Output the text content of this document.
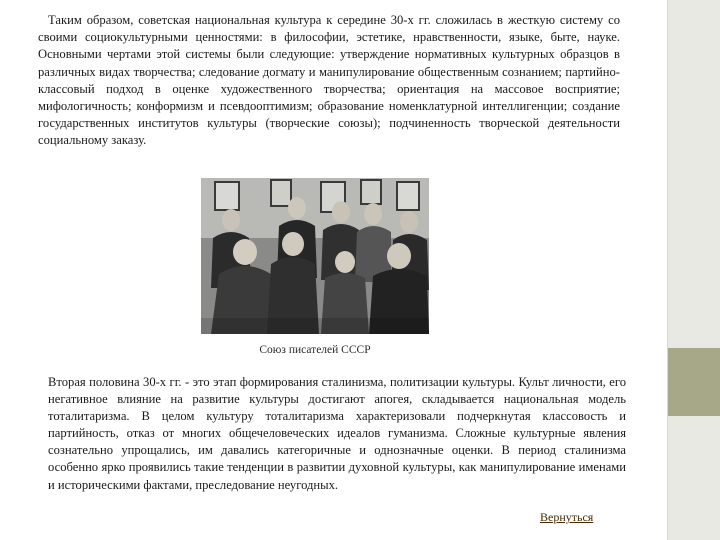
Таким образом, советская национальная культура к середине 30-х гг. сложилась в жесткую систему со своими социокультурными ценностями: в философии, эстетике, нравственности, языке, быте, науке. Основными чертами этой системы были следующие: утверждение нормативных культурных образцов в различных видах творчества; следование догмату и манипулирование общественным сознанием; партийно-классовый подход в оценке художественного творчества; ориентация на массовое восприятие; мифологичность; конформизм и псевдооптимизм; образование номенклатурной интеллигенции; создание государственных институтов культуры (творческие союзы); подчиненность творческой деятельности социальному заказу.

Союз писателей СССР

Вторая половина 30-х гг. - это этап формирования сталинизма, политизации культуры. Культ личности, его негативное влияние на развитие культуры достигают апогея, складывается национальная модель тоталитаризма. В целом культуру тоталитаризма характеризовали подчеркнутая классовость и партийность, отказ от многих общечеловеческих идеалов гуманизма. Сложные культурные явления сознательно упрощались, им давались категоричные и однозначные оценки. В период сталинизма особенно ярко проявились такие тенденции в развитии духовной культуры, как манипулирование именами и историческими фактами, преследование неугодных.

Вернуться
